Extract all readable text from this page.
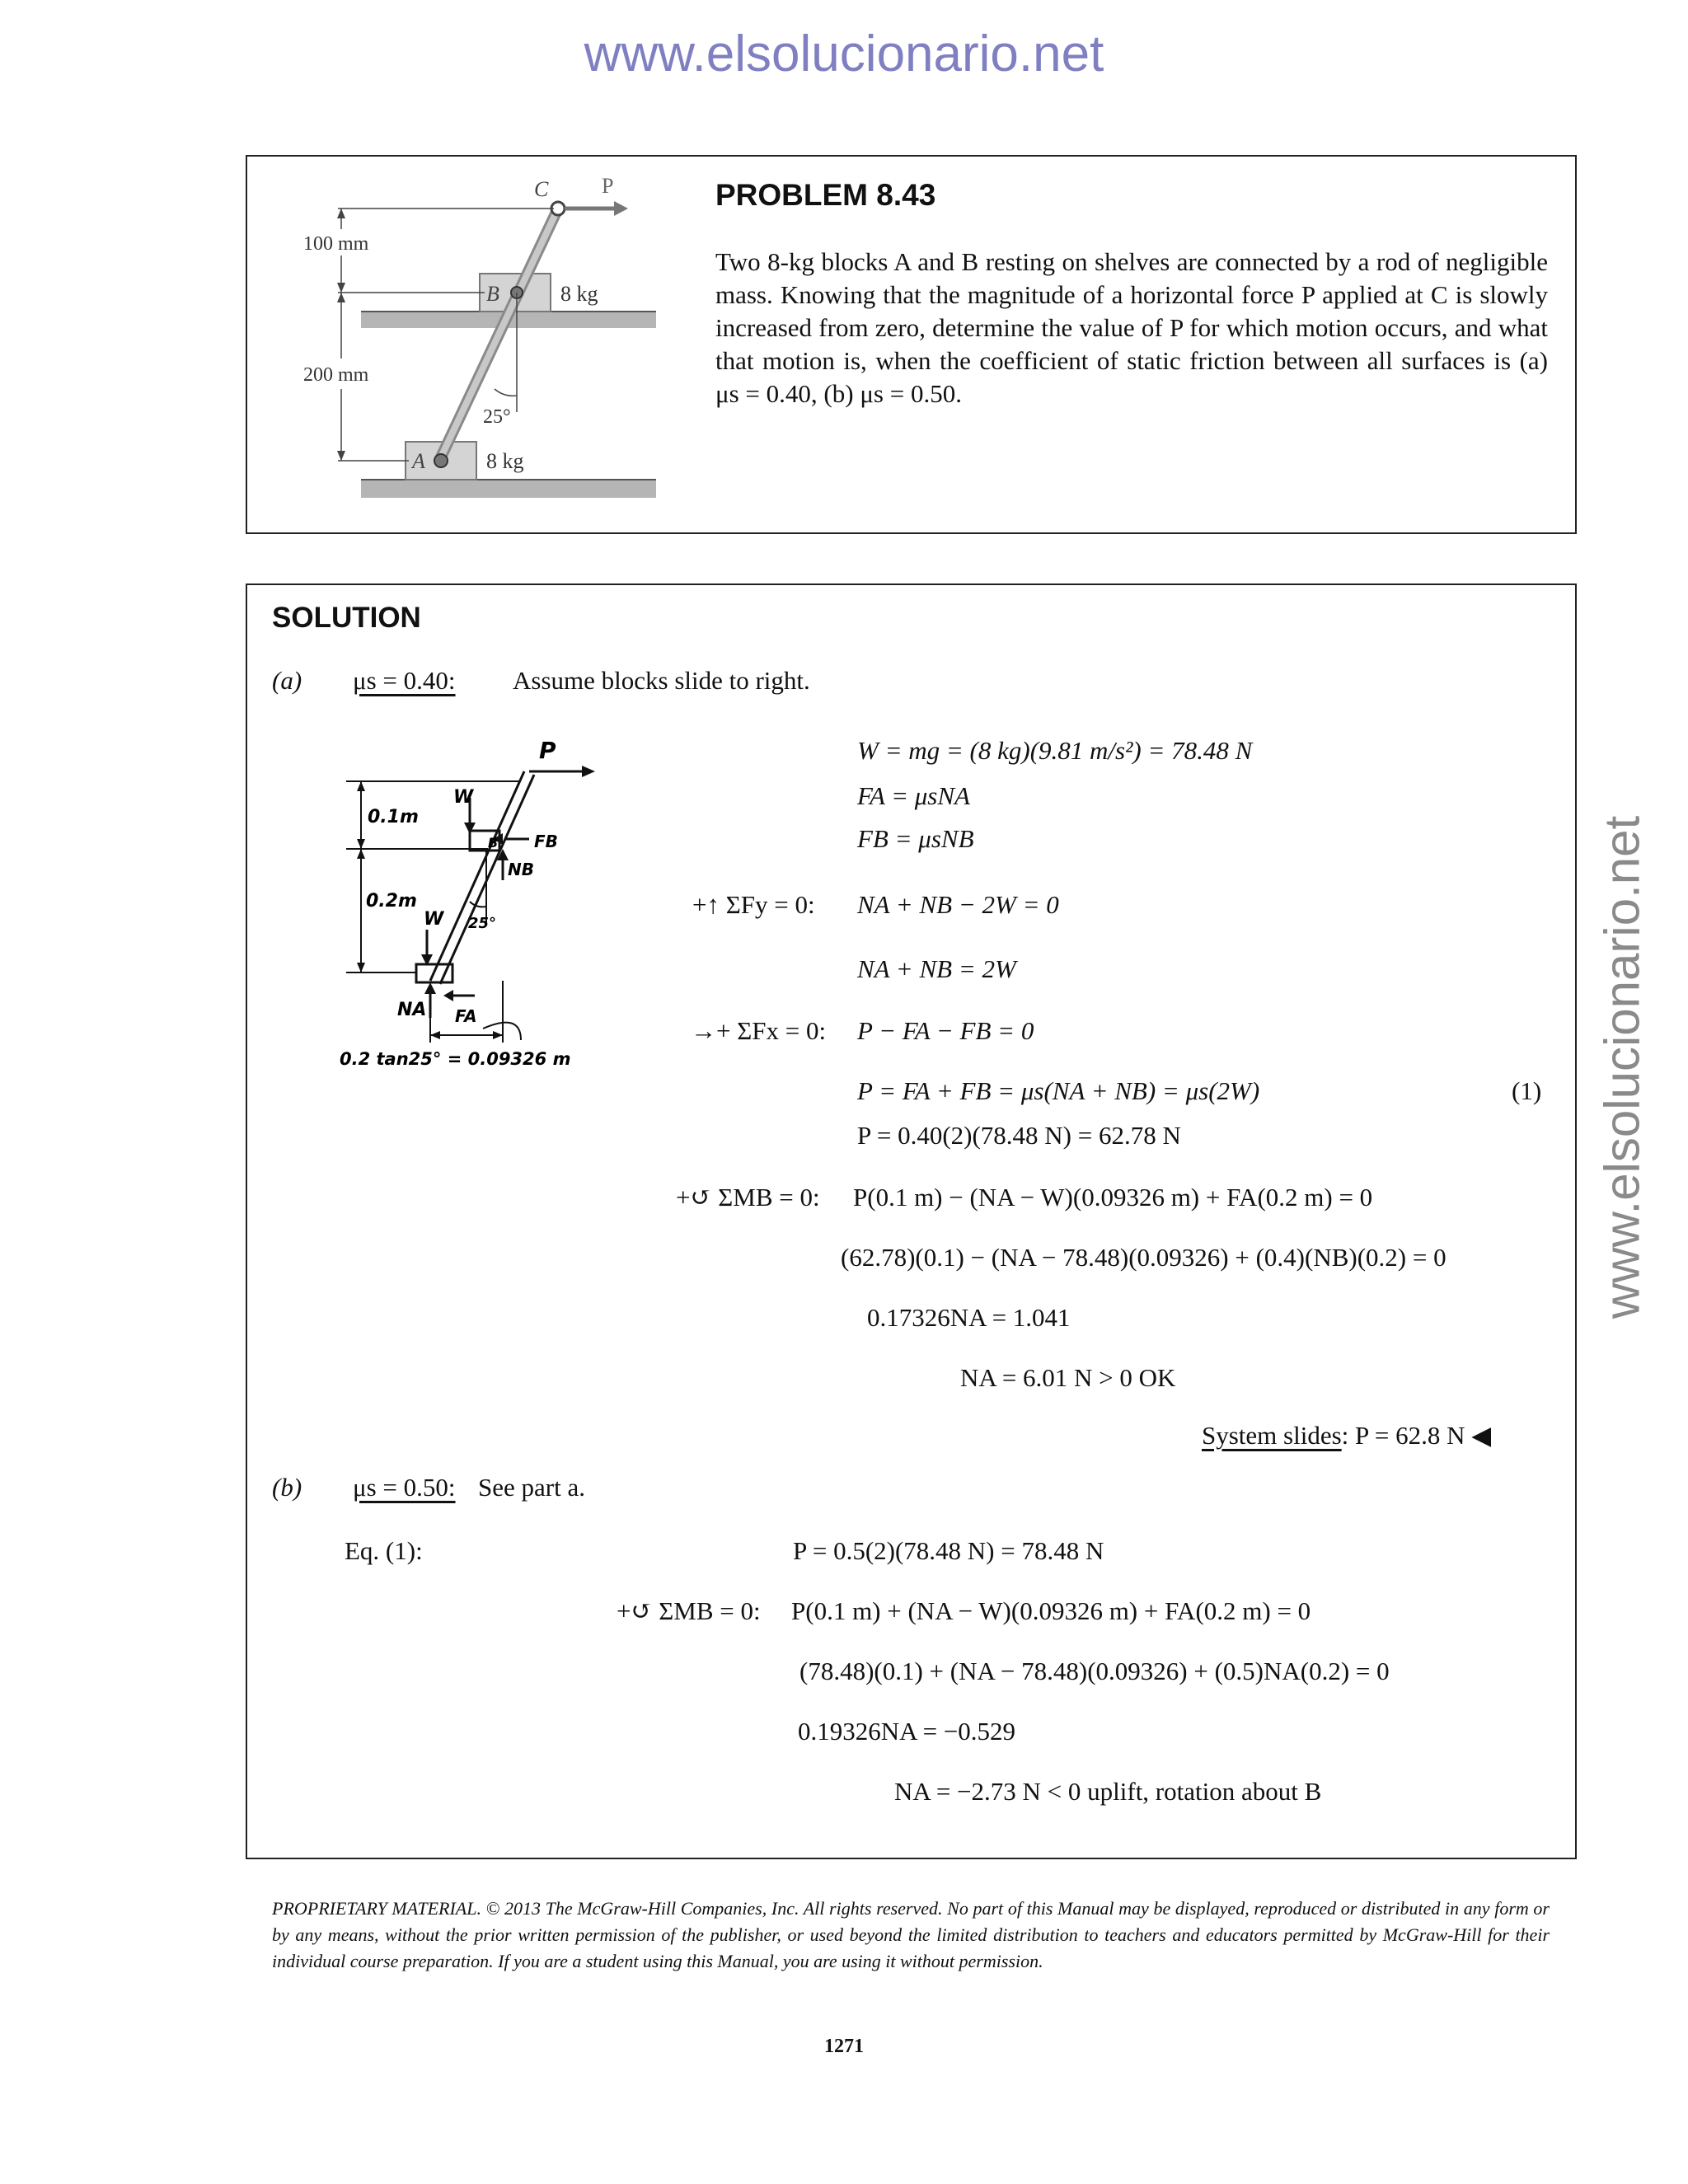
www.elsolucionario.net
www.elsolucionario.net
C P
B
A
8 kg
8 kg
100 mm
200 mm
25°
PROBLEM 8.43
Two 8-kg blocks A and B resting on shelves are connected by a rod of negligible mass. Knowing that the magnitude of a horizontal force P applied at C is slowly increased from zero, determine the value of P for which motion occurs, and what that motion is, when the coefficient of static friction between all surfaces is (a) μs = 0.40, (b) μs = 0.50.
SOLUTION
(a) μs = 0.40: Assume blocks slide to right.
P
W
B FB
NB
0.1m
0.2m
W 25°
NA FA
0.2 tan25° = 0.09326 m
W = mg = (8 kg)(9.81 m/s²) = 78.48 N
FA = μsNA
FB = μsNB
+↑ ΣFy = 0: NA + NB − 2W = 0
NA + NB = 2W
→+ ΣFx = 0: P − FA − FB = 0
P = FA + FB = μs(NA + NB) = μs(2W)	(1)
P = 0.40(2)(78.48 N) = 62.78 N
+↺ ΣMB = 0: P(0.1 m) − (NA − W)(0.09326 m) + FA(0.2 m) = 0
(62.78)(0.1) − (NA − 78.48)(0.09326) + (0.4)(NB)(0.2) = 0
0.17326NA = 1.041
NA = 6.01 N > 0 OK
System slides: P = 62.8 N ◀
(b) μs = 0.50: See part a.
Eq. (1):	P = 0.5(2)(78.48 N) = 78.48 N
+↺ ΣMB = 0: P(0.1 m) + (NA − W)(0.09326 m) + FA(0.2 m) = 0
(78.48)(0.1) + (NA − 78.48)(0.09326) + (0.5)NA(0.2) = 0
0.19326NA = −0.529
NA = −2.73 N < 0 uplift, rotation about B
PROPRIETARY MATERIAL. © 2013 The McGraw-Hill Companies, Inc. All rights reserved. No part of this Manual may be displayed, reproduced or distributed in any form or by any means, without the prior written permission of the publisher, or used beyond the limited distribution to teachers and educators permitted by McGraw-Hill for their individual course preparation. If you are a student using this Manual, you are using it without permission.
1271
